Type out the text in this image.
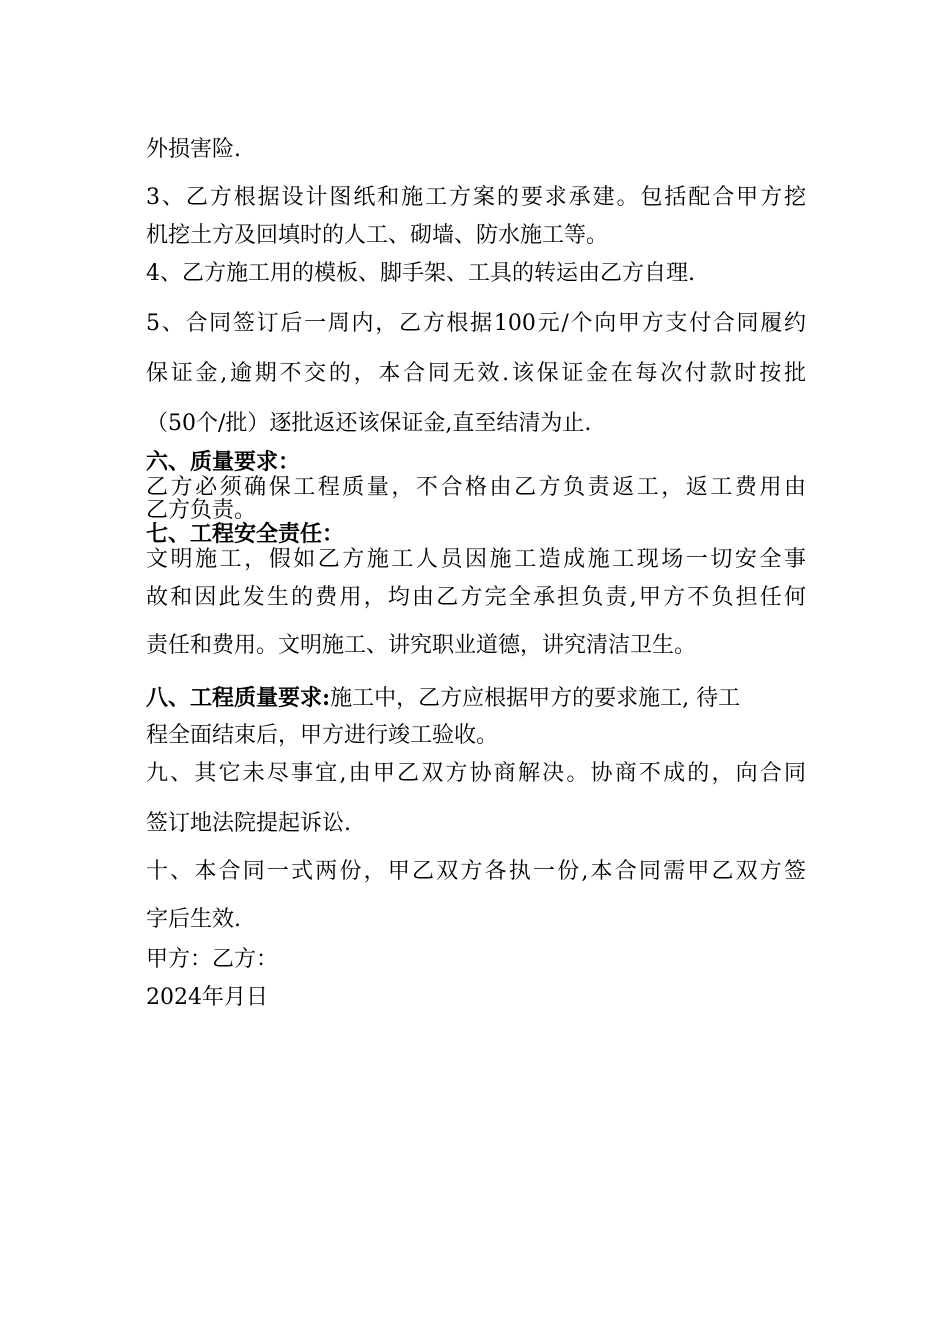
外损害险.
3、乙方根据设计图纸和施工方案的要求承建。包括配合甲方挖
机挖土方及回填时的人工、砌墙、防水施工等。
4、乙方施工用的模板、脚手架、工具的转运由乙方自理.
5、合同签订后一周内，乙方根据100元/个向甲方支付合同履约
保证金,逾期不交的，本合同无效.该保证金在每次付款时按批
（50个/批）逐批返还该保证金,直至结清为止.
六、质量要求：
乙方必须确保工程质量，不合格由乙方负责返工，返工费用由
乙方负责。
七、工程安全责任：
文明施工，假如乙方施工人员因施工造成施工现场一切安全事
故和因此发生的费用，均由乙方完全承担负责,甲方不负担任何
责任和费用。文明施工、讲究职业道德，讲究清洁卫生。
八、工程质量要求:施工中，乙方应根据甲方的要求施工, 待工
程全面结束后，甲方进行竣工验收。
九、其它未尽事宜,由甲乙双方协商解决。协商不成的，向合同
签订地法院提起诉讼.
十、本合同一式两份，甲乙双方各执一份,本合同需甲乙双方签
字后生效.
甲方：乙方：
2024年月日
